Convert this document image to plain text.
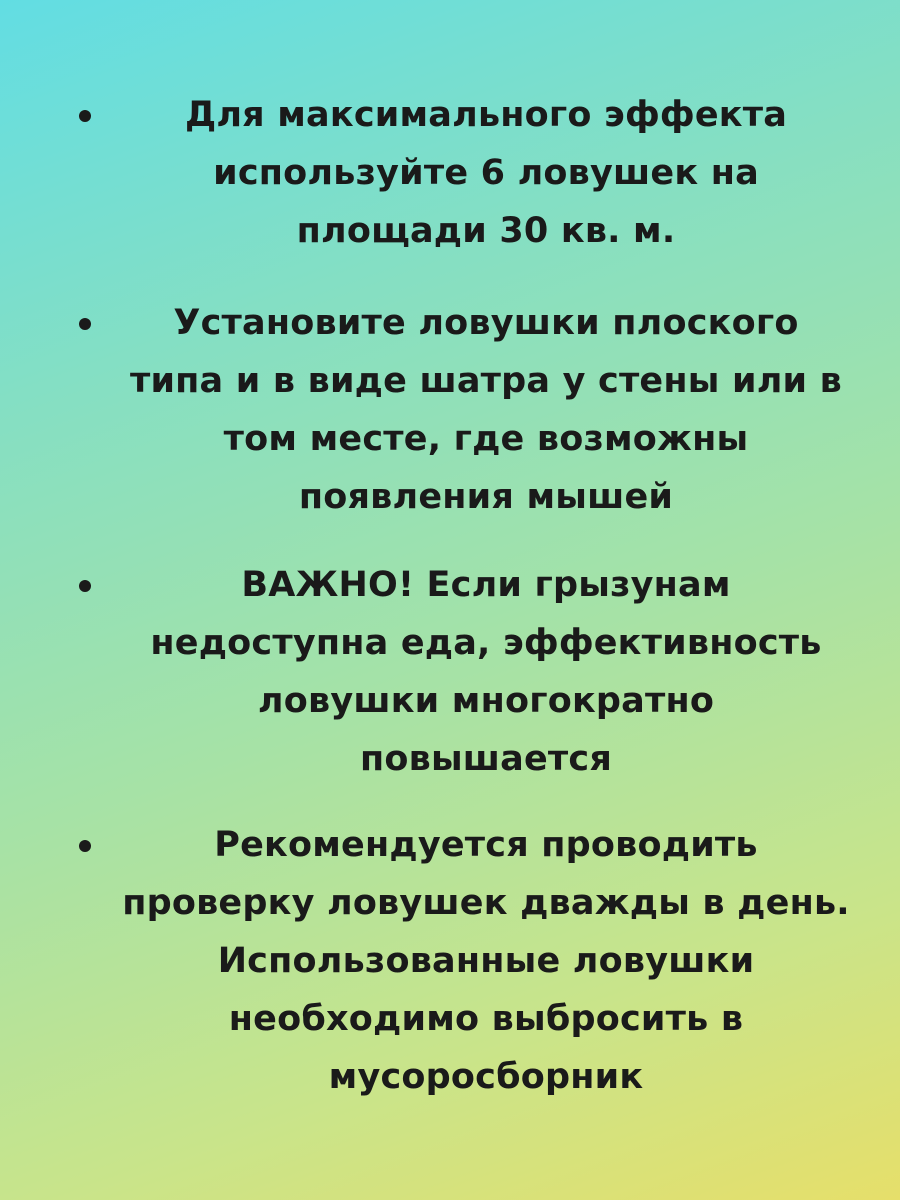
Для максимального эффекта
используйте 6 ловушек на
площади 30 кв. м.
Установите ловушки плоского
типа и в виде шатра у стены или в
том месте, где возможны
появления мышей
ВАЖНО! Если грызунам
недоступна еда, эффективность
ловушки многократно
повышается
Рекомендуется проводить
проверку ловушек дважды в день.
Использованные ловушки
необходимо выбросить в
мусоросборник
